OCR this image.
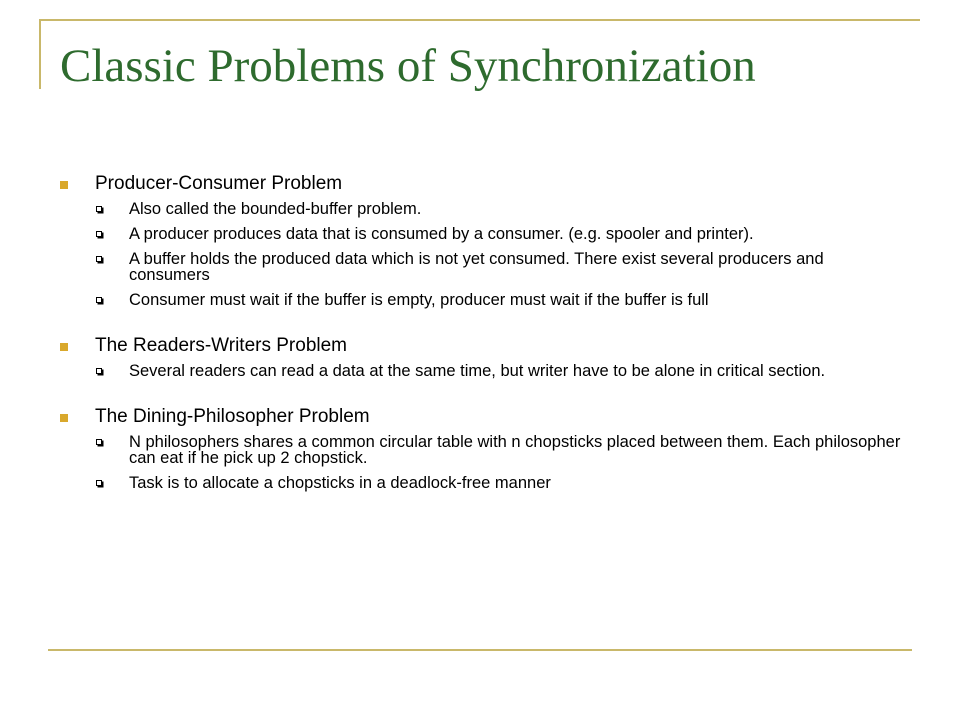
Classic Problems of Synchronization
Producer-Consumer Problem
Also called the bounded-buffer problem.
A producer produces data that is consumed by a consumer. (e.g. spooler and printer).
A buffer holds the produced data which is not yet consumed. There exist several producers and consumers
Consumer must wait if the buffer is empty, producer must wait if the buffer is full
The Readers-Writers Problem
Several readers can read a data at the same time, but writer have to be alone in critical section.
The Dining-Philosopher Problem
N philosophers shares a common circular table with n chopsticks placed between them. Each philosopher can eat if he pick up 2 chopstick.
Task is to allocate a chopsticks in a deadlock-free manner
